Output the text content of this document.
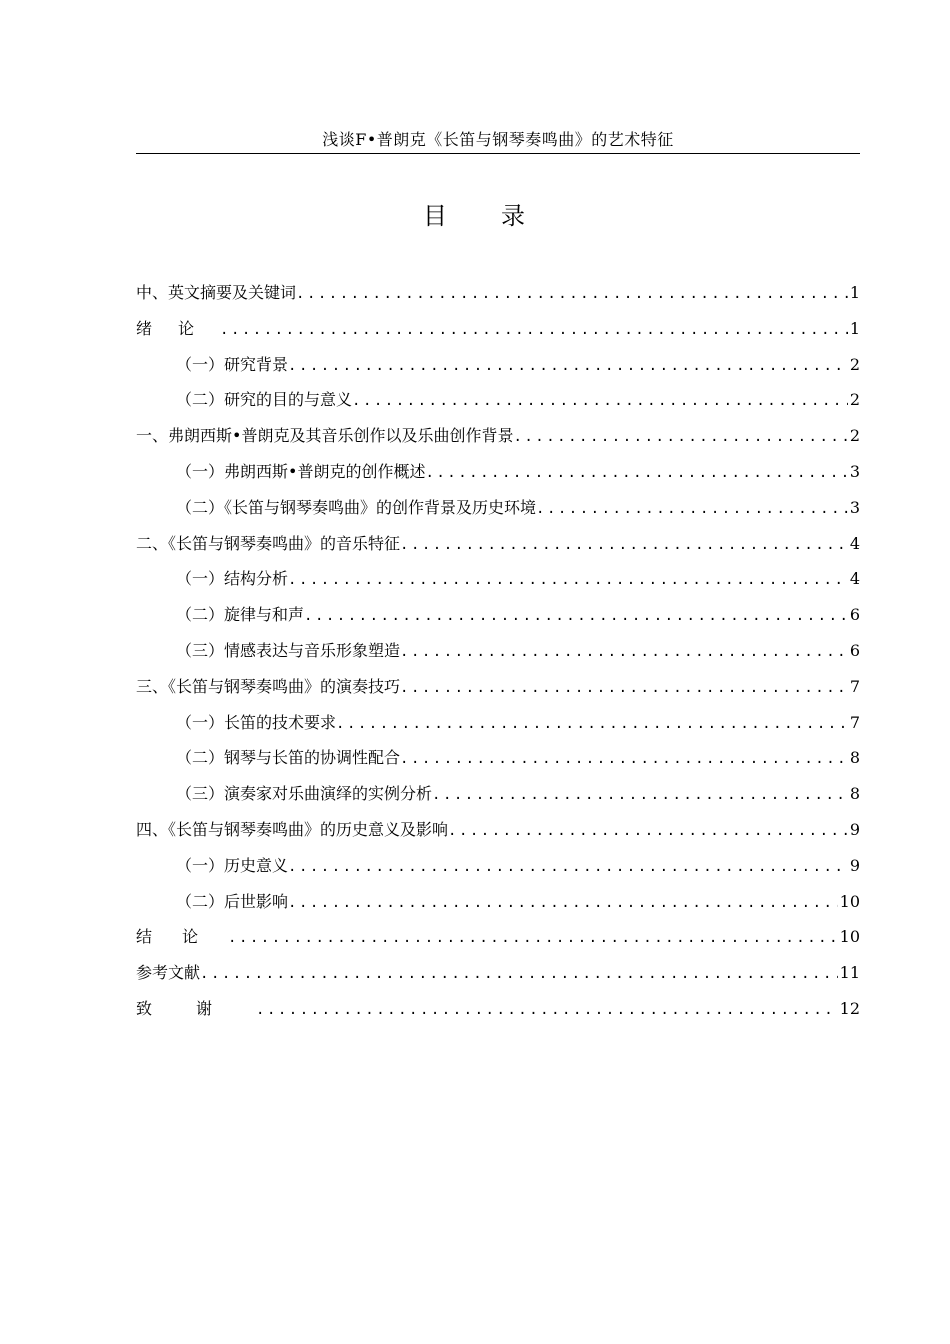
浅谈F•普朗克《长笛与钢琴奏鸣曲》的艺术特征
目 录
中、英文摘要及关键词 .....	1
绪论 .....	1
（一）研究背景 .....	2
（二）研究的目的与意义 .....	2
一、弗朗西斯•普朗克及其音乐创作以及乐曲创作背景 .....	2
（一）弗朗西斯•普朗克的创作概述 .....	3
（二）《长笛与钢琴奏鸣曲》的创作背景及历史环境 .....	3
二、《长笛与钢琴奏鸣曲》的音乐特征 .....	4
（一）结构分析 .....	4
（二）旋律与和声 .....	6
（三）情感表达与音乐形象塑造 .....	6
三、《长笛与钢琴奏鸣曲》的演奏技巧 .....	7
（一）长笛的技术要求 .....	7
（二）钢琴与长笛的协调性配合 .....	8
（三）演奏家对乐曲演绎的实例分析 .....	8
四、《长笛与钢琴奏鸣曲》的历史意义及影响 .....	9
（一）历史意义 .....	9
（二）后世影响 .....	10
结论 .....	10
参考文献 .....	11
致谢 .....	12
